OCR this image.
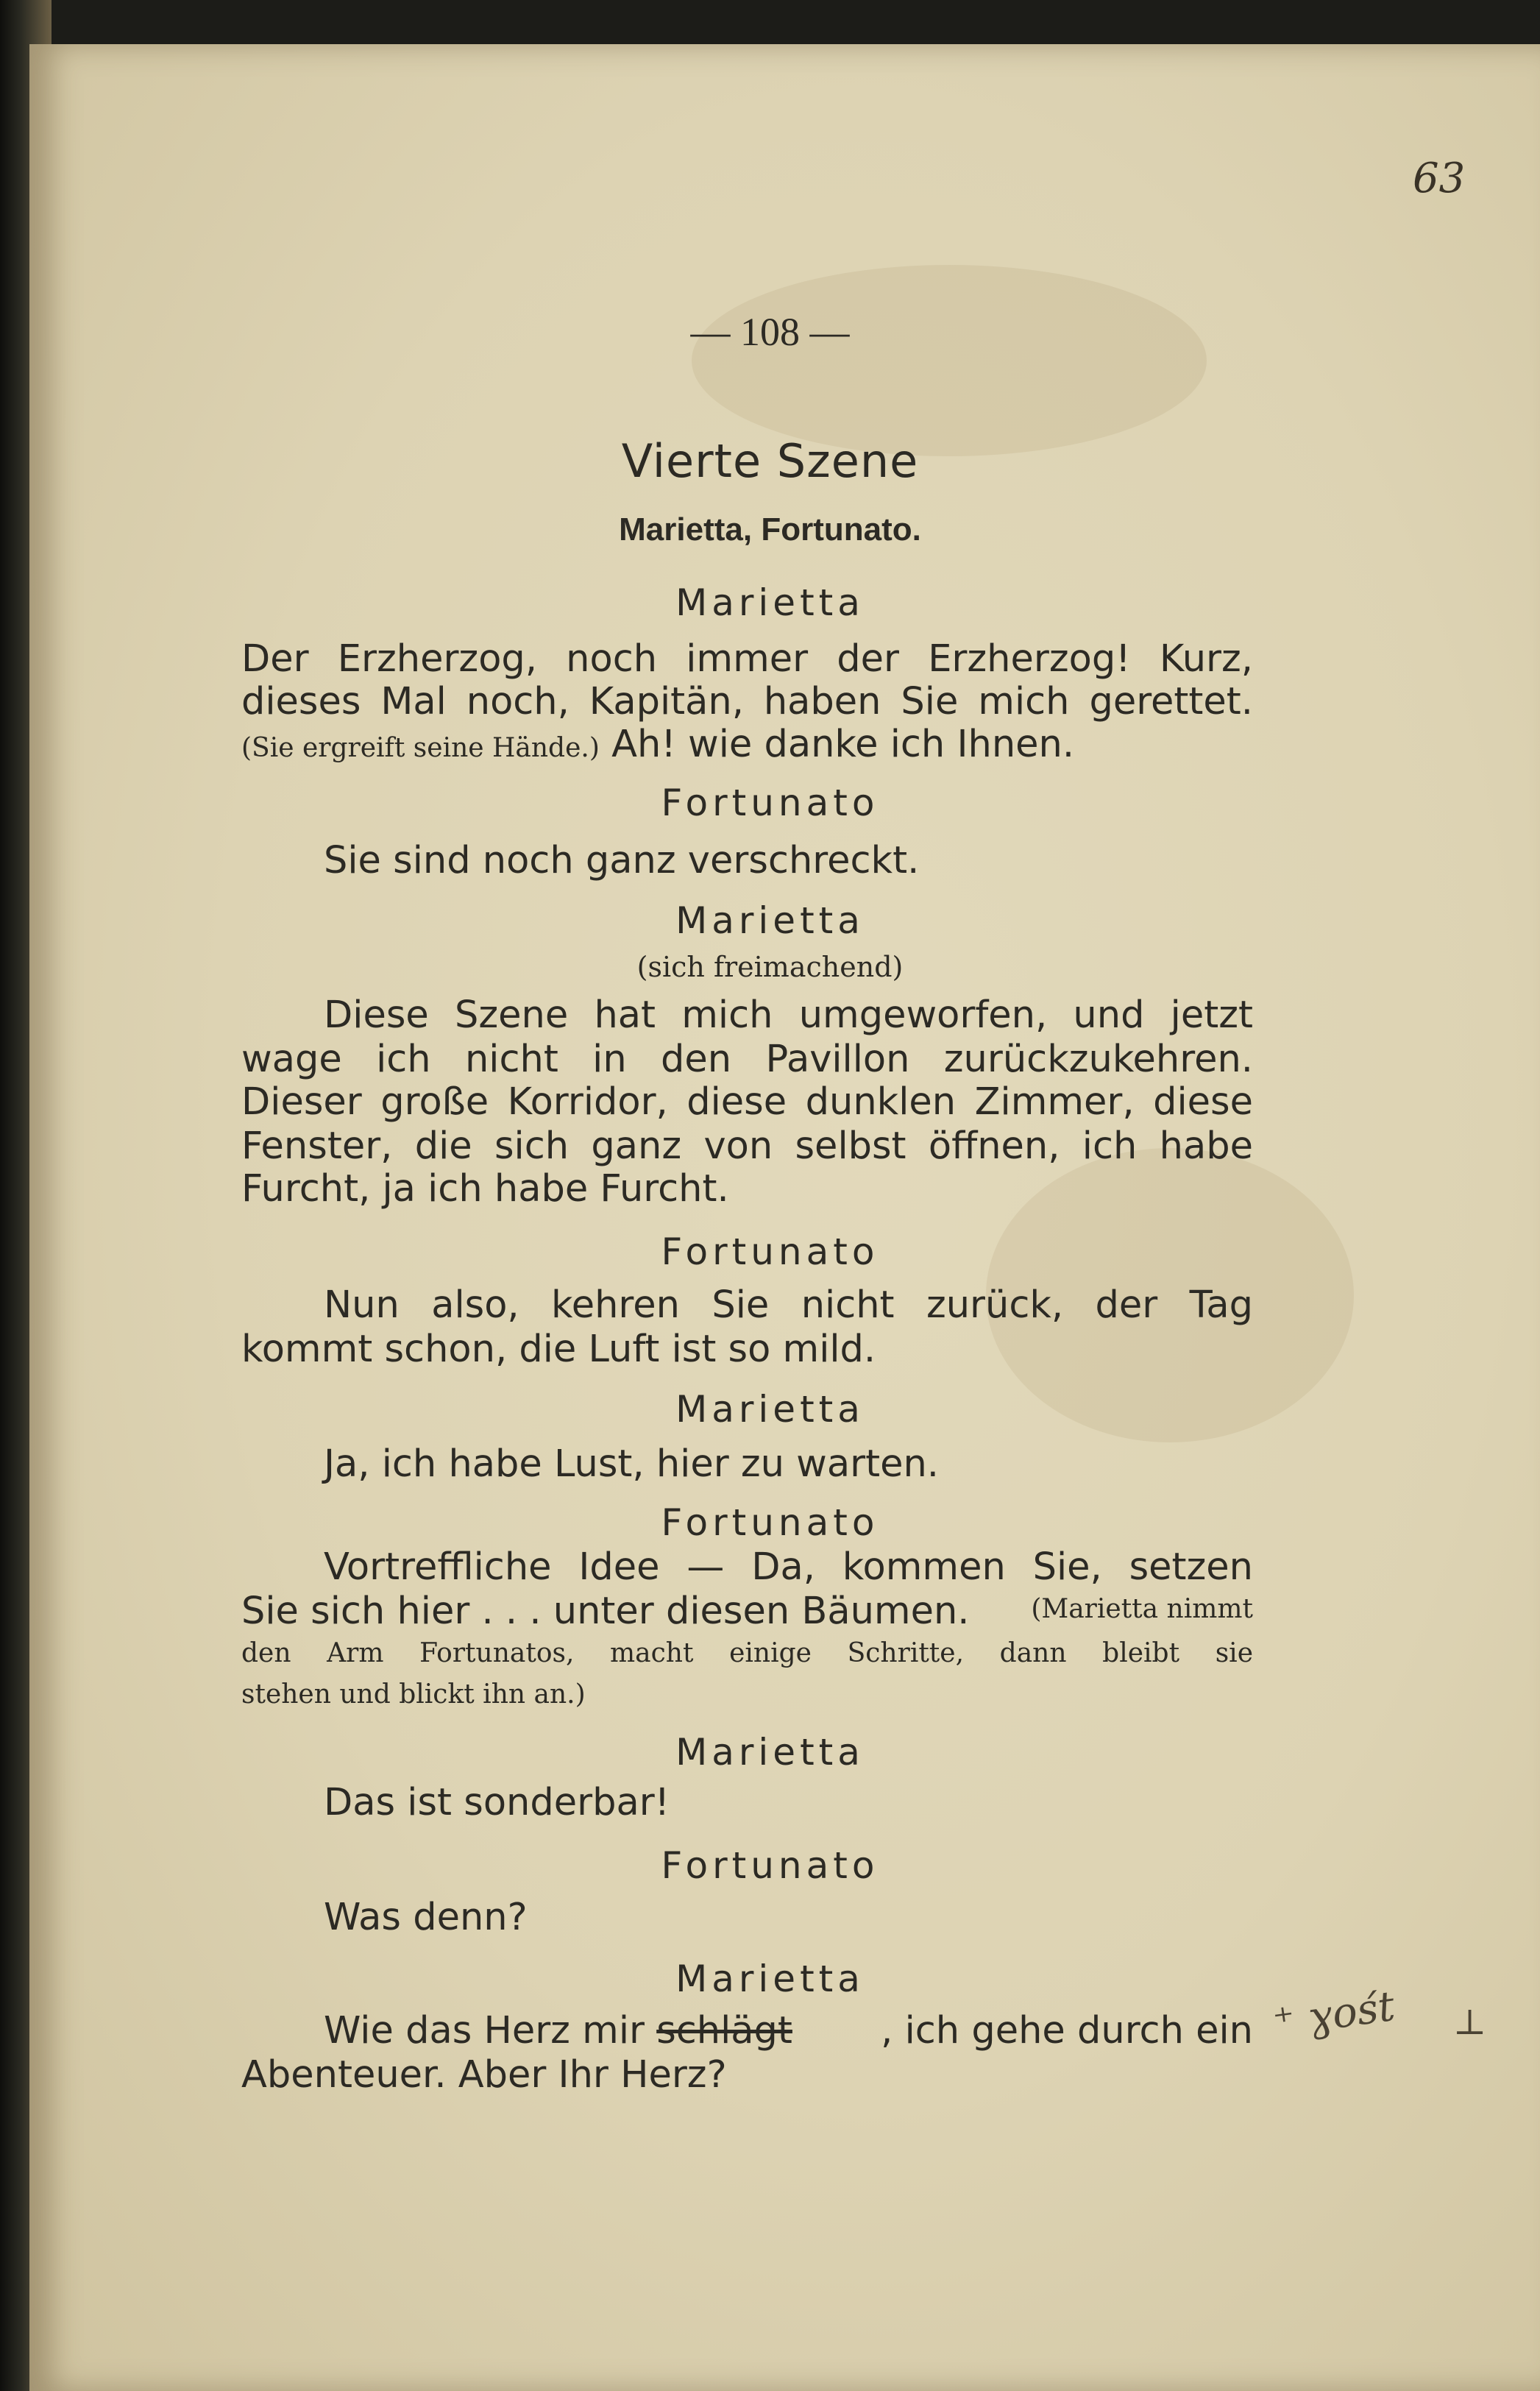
63
— 108 —
Vierte Szene
Marietta, Fortunato.
Marietta
Der Erzherzog, noch immer der Erzherzog! Kurz,
dieses Mal noch, Kapitän, haben Sie mich gerettet.
(Sie ergreift seine Hände.) Ah! wie danke ich Ihnen.
Fortunato
Sie sind noch ganz verschreckt.
Marietta
(sich freimachend)
Diese Szene hat mich umgeworfen, und jetzt
wage ich nicht in den Pavillon zurückzukehren.
Dieser große Korridor, diese dunklen Zimmer, diese
Fenster, die sich ganz von selbst öffnen, ich habe
Furcht, ja ich habe Furcht.
Fortunato
Nun also, kehren Sie nicht zurück, der Tag
kommt schon, die Luft ist so mild.
Marietta
Ja, ich habe Lust, hier zu warten.
Fortunato
Vortreffliche Idee — Da, kommen Sie, setzen
Sie sich hier . . . unter diesen Bäumen. (Marietta nimmt
den Arm Fortunatos, macht einige Schritte, dann bleibt sie
stehen und blickt ihn an.)
Marietta
Das ist sonderbar!
Fortunato
Was denn?
Marietta
Wie das Herz mir schlägt , ich gehe durch ein
Abenteuer. Aber Ihr Herz?
⁺ ɣośt ⊥
